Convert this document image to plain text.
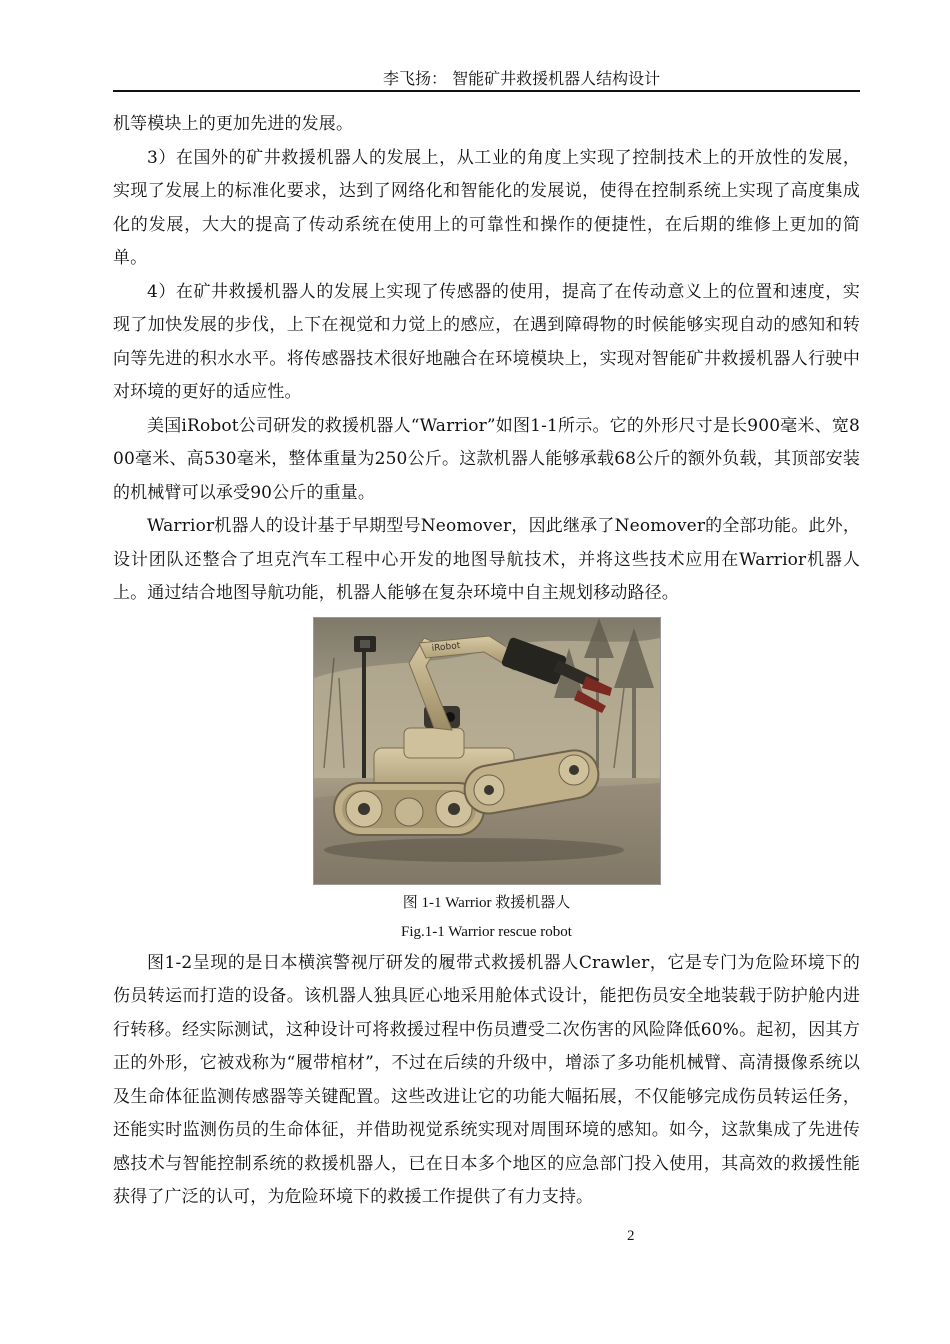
李飞扬： 智能矿井救援机器人结构设计

机等模块上的更加先进的发展。

3）在国外的矿井救援机器人的发展上，从工业的角度上实现了控制技术上的开放性的发展，实现了发展上的标准化要求，达到了网络化和智能化的发展说，使得在控制系统上实现了高度集成化的发展，大大的提高了传动系统在使用上的可靠性和操作的便捷性，在后期的维修上更加的简单。

4）在矿井救援机器人的发展上实现了传感器的使用，提高了在传动意义上的位置和速度，实现了加快发展的步伐，上下在视觉和力觉上的感应，在遇到障碍物的时候能够实现自动的感知和转向等先进的积水水平。将传感器技术很好地融合在环境模块上，实现对智能矿井救援机器人行驶中对环境的更好的适应性。

美国iRobot公司研发的救援机器人“Warrior”如图1-1所示。它的外形尺寸是长900毫米、宽800毫米、高530毫米，整体重量为250公斤。这款机器人能够承载68公斤的额外负载，其顶部安装的机械臂可以承受90公斤的重量。

Warrior机器人的设计基于早期型号Neomover，因此继承了Neomover的全部功能。此外，设计团队还整合了坦克汽车工程中心开发的地图导航技术，并将这些技术应用在Warrior机器人上。通过结合地图导航功能，机器人能够在复杂环境中自主规划移动路径。

iRobot

图 1-1 Warrior 救援机器人

Fig.1-1 Warrior rescue robot

图1-2呈现的是日本横滨警视厅研发的履带式救援机器人Crawler，它是专门为危险环境下的伤员转运而打造的设备。该机器人独具匠心地采用舱体式设计，能把伤员安全地装载于防护舱内进行转移。经实际测试，这种设计可将救援过程中伤员遭受二次伤害的风险降低60%。起初，因其方正的外形，它被戏称为“履带棺材”，不过在后续的升级中，增添了多功能机械臂、高清摄像系统以及生命体征监测传感器等关键配置。这些改进让它的功能大幅拓展，不仅能够完成伤员转运任务，还能实时监测伤员的生命体征，并借助视觉系统实现对周围环境的感知。如今，这款集成了先进传感技术与智能控制系统的救援机器人，已在日本多个地区的应急部门投入使用，其高效的救援性能获得了广泛的认可，为危险环境下的救援工作提供了有力支持。

2
